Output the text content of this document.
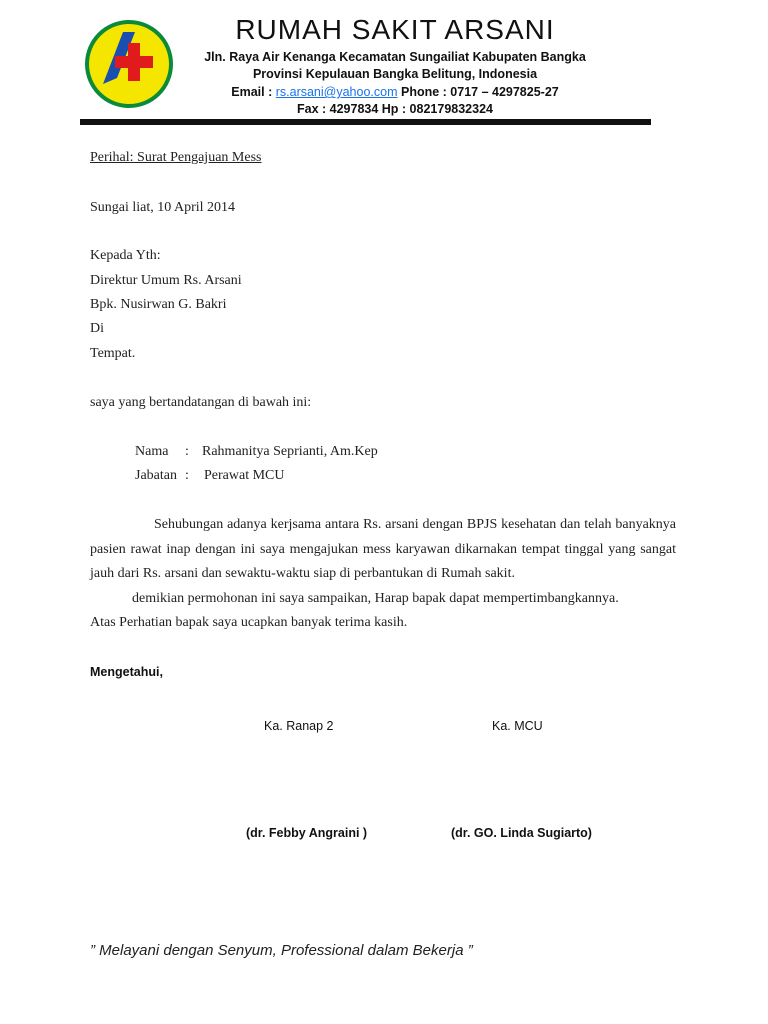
RUMAH SAKIT ARSANI
Jln. Raya Air Kenanga Kecamatan Sungailiat Kabupaten Bangka
Provinsi Kepulauan Bangka Belitung, Indonesia
Email : rs.arsani@yahoo.com Phone : 0717 – 4297825-27
Fax : 4297834 Hp : 082179832324
Perihal: Surat Pengajuan Mess
Sungai liat, 10 April 2014
Kepada Yth:
Direktur Umum Rs. Arsani
Bpk. Nusirwan G. Bakri
Di
Tempat.
saya yang bertandatangan di bawah ini:
Nama : Rahmanitya Seprianti, Am.Kep
Jabatan : Perawat MCU
Sehubungan adanya kerjsama antara Rs. arsani dengan BPJS kesehatan dan telah banyaknya pasien rawat inap dengan ini saya mengajukan mess karyawan dikarnakan tempat tinggal yang sangat jauh dari Rs. arsani dan sewaktu-waktu siap di perbantukan di Rumah sakit.
demikian permohonan ini saya sampaikan, Harap bapak dapat mempertimbangkannya.
Atas Perhatian bapak saya ucapkan banyak terima kasih.
Mengetahui,
Ka. Ranap 2	Ka. MCU
(dr. Febby Angraini )	(dr. GO. Linda Sugiarto)
” Melayani dengan Senyum, Professional dalam Bekerja ”
